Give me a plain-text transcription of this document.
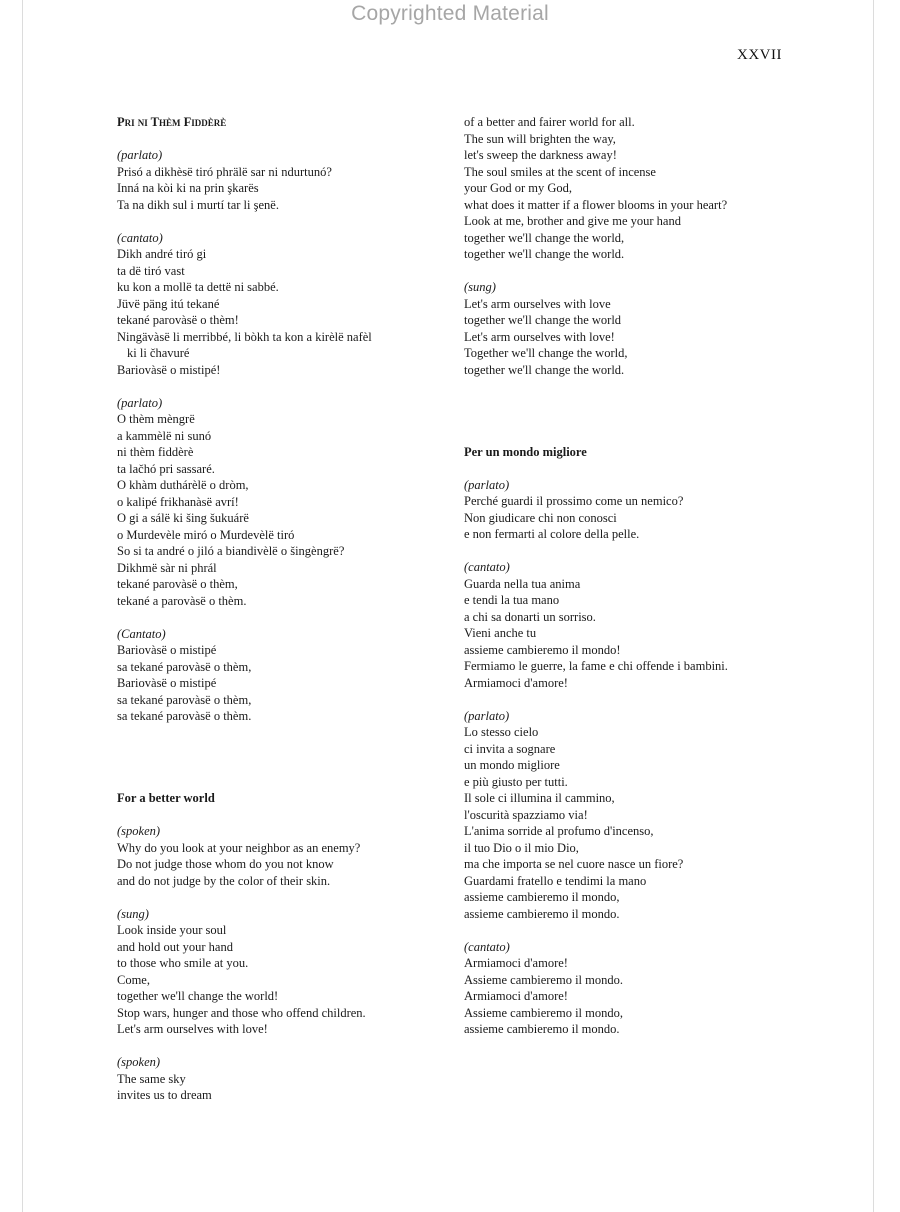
Copyrighted Material
XXVII
Pri ni Thèm Fiddèrè
(parlato)
Prisó a dikhèsë tiró phrälë sar ni ndurtunó?
Inná na kòi ki na prin şkarës
Ta na dikh sul i murtí tar li şenë.
(cantato)
Dikh andré tiró gi
ta dë tiró vast
ku kon a mollë ta dettë ni sabbé.
Jüvë päng itú tekané
tekané parovàsë o thèm!
Ningävàsë li merribbé, li bòkh ta kon a kirèlë nafèl
ki li čhavuré
Bariovàsë o mistipé!
(parlato)
O thèm mèngrë
a kammèlë ni sunó
ni thèm fiddèrè
ta lačhó pri sassaré.
O khàm duthárèlë o dròm,
o kalipé frikhanàsë avrí!
O gi a sálë ki šing šukuárë
o Murdevèle miró o Murdevèlë tiró
So si ta andré o jiló a biandivèlë o šingèngrë?
Dikhmë sàr ni phrál
tekané parovàsë o thèm,
tekané a parovàsë o thèm.
(Cantato)
Bariovàsë o mistipé
sa tekané parovàsë o thèm,
Bariovàsë o mistipé
sa tekané parovàsë o thèm,
sa tekané parovàsë o thèm.
For a better world
(spoken)
Why do you look at your neighbor as an enemy?
Do not judge those whom do you not know
and do not judge by the color of their skin.
(sung)
Look inside your soul
and hold out your hand
to those who smile at you.
Come,
together we'll change the world!
Stop wars, hunger and those who offend children.
Let's arm ourselves with love!
(spoken)
The same sky
invites us to dream
of a better and fairer world for all.
The sun will brighten the way,
let's sweep the darkness away!
The soul smiles at the scent of incense
your God or my God,
what does it matter if a flower blooms in your heart?
Look at me, brother and give me your hand
together we'll change the world,
together we'll change the world.
(sung)
Let's arm ourselves with love
together we'll change the world
Let's arm ourselves with love!
Together we'll change the world,
together we'll change the world.
Per un mondo migliore
(parlato)
Perché guardi il prossimo come un nemico?
Non giudicare chi non conosci
e non fermarti al colore della pelle.
(cantato)
Guarda nella tua anima
e tendi la tua mano
a chi sa donarti un sorriso.
Vieni anche tu
assieme cambieremo il mondo!
Fermiamo le guerre, la fame e chi offende i bambini.
Armiamoci d'amore!
(parlato)
Lo stesso cielo
ci invita a sognare
un mondo migliore
e più giusto per tutti.
Il sole ci illumina il cammino,
l'oscurità spazziamo via!
L'anima sorride al profumo d'incenso,
il tuo Dio o il mio Dio,
ma che importa se nel cuore nasce un fiore?
Guardami fratello e tendimi la mano
assieme cambieremo il mondo,
assieme cambieremo il mondo.
(cantato)
Armiamoci d'amore!
Assieme cambieremo il mondo.
Armiamoci d'amore!
Assieme cambieremo il mondo,
assieme cambieremo il mondo.
